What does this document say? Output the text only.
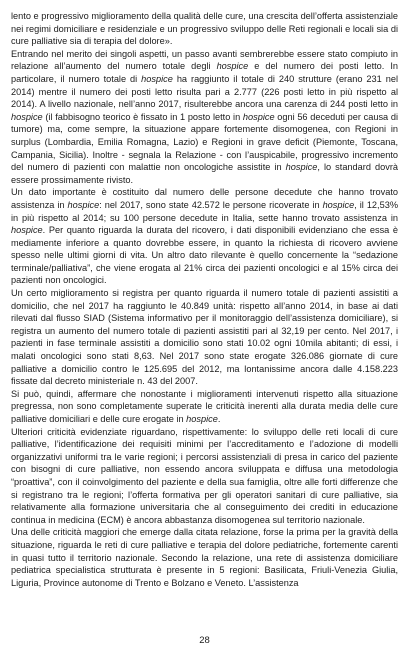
lento e progressivo miglioramento della qualità delle cure, una crescita dell’offerta assistenziale nei regimi domiciliare e residenziale e un progressivo sviluppo delle Reti regionali e locali sia di cure palliative sia di terapia del dolore».

Entrando nel merito dei singoli aspetti, un passo avanti sembrerebbe essere stato compiuto in relazione all’aumento del numero totale degli hospice e del numero dei posti letto. In particolare, il numero totale di hospice ha raggiunto il totale di 240 strutture (erano 231 nel 2014) mentre il numero dei posti letto risulta pari a 2.777 (226 posti letto in più rispetto al 2014). A livello nazionale, nell’anno 2017, risulterebbe ancora una carenza di 244 posti letto in hospice (il fabbisogno teorico è fissato in 1 posto letto in hospice ogni 56 deceduti per causa di tumore) ma, come sempre, la situazione appare fortemente disomogenea, con Regioni in surplus (Lombardia, Emilia Romagna, Lazio) e Regioni in grave deficit (Piemonte, Toscana, Campania, Sicilia). Inoltre - segnala la Relazione - con l’auspicabile, progressivo incremento del numero di pazienti con malattie non oncologiche assistite in hospice, lo standard dovrà essere prossimamente rivisto.

Un dato importante è costituito dal numero delle persone decedute che hanno trovato assistenza in hospice: nel 2017, sono state 42.572 le persone ricoverate in hospice, il 12,53% in più rispetto al 2014; su 100 persone decedute in Italia, sette hanno trovato assistenza in hospice. Per quanto riguarda la durata del ricovero, i dati disponibili evidenziano che essa è mediamente inferiore a quanto dovrebbe essere, in quanto la richiesta di ricovero avviene spesso nelle ultimi giorni di vita. Un altro dato rilevante è quello concernente la “sedazione terminale/palliativa”, che viene erogata al 21% circa dei pazienti oncologici e al 15% circa dei pazienti non oncologici.

Un certo miglioramento si registra per quanto riguarda il numero totale di pazienti assistiti a domicilio, che nel 2017 ha raggiunto le 40.849 unità: rispetto all’anno 2014, in base ai dati rilevati dal flusso SIAD (Sistema informativo per il monitoraggio dell’assistenza domiciliare), si registra un aumento del numero totale di pazienti assistiti pari al 32,19 per cento. Nel 2017, i pazienti in fase terminale assistiti a domicilio sono stati 10.02 ogni 10mila abitanti; di essi, i malati oncologici sono stati 8,63. Nel 2017 sono state erogate 326.086 giornate di cure palliative a domicilio contro le 125.695 del 2012, ma lontanissime ancora dalle 4.158.223 fissate dal decreto ministeriale n. 43 del 2007.

Si può, quindi, affermare che nonostante i miglioramenti intervenuti rispetto alla situazione pregressa, non sono completamente superate le criticità inerenti alla durata media delle cure palliative domiciliari e delle cure erogate in hospice.

Ulteriori criticità evidenziate riguardano, rispettivamente: lo sviluppo delle reti locali di cure palliative, l’identificazione dei requisiti minimi per l’accreditamento e l’adozione di modelli organizzativi uniformi tra le varie regioni; i percorsi assistenziali di presa in carico del paziente con bisogni di cure palliative, non essendo ancora sviluppata e diffusa una metodologia “proattiva”, con il coinvolgimento del paziente e della sua famiglia, oltre alle forti differenze che si registrano tra le regioni; l’offerta formativa per gli operatori sanitari di cure palliative, sia relativamente alla formazione universitaria che al conseguimento dei crediti in educazione continua in medicina (ECM) è ancora abbastanza disomogenea sul territorio nazionale.

Una delle criticità maggiori che emerge dalla citata relazione, forse la prima per la gravità della situazione, riguarda le reti di cure palliative e terapia del dolore pediatriche, fortemente carenti in quasi tutto il territorio nazionale. Secondo la relazione, una rete di assistenza domiciliare pediatrica specialistica strutturata è presente in 5 regioni: Basilicata, Friuli-Venezia Giulia, Liguria, Province autonome di Trento e Bolzano e Veneto. L’assistenza

28
